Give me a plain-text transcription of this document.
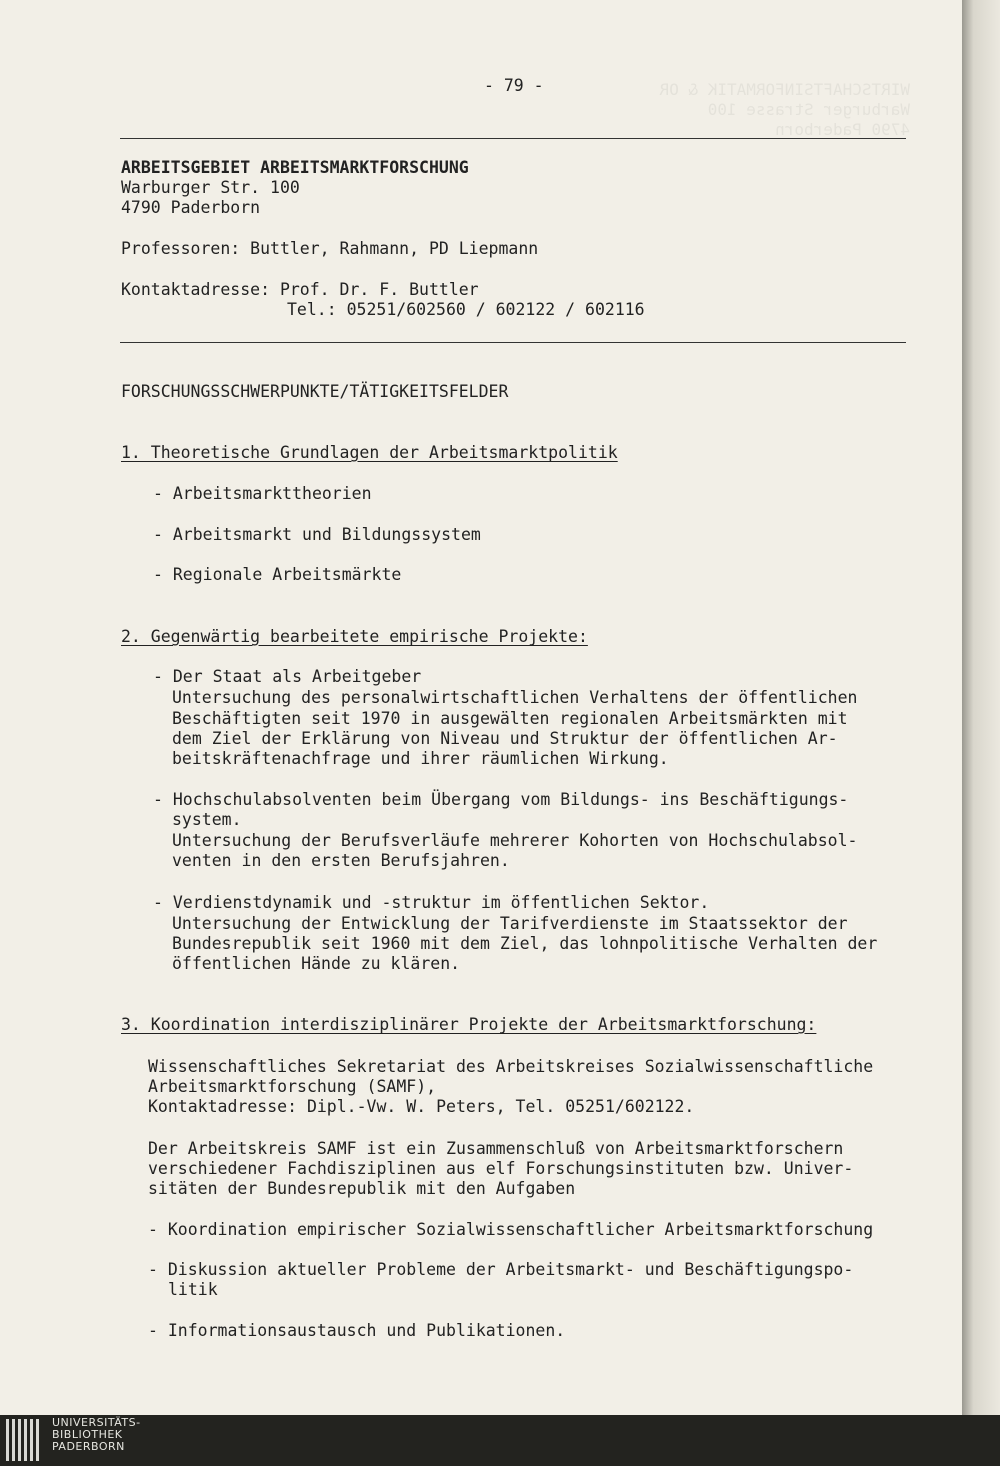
WIRTSCHAFTSINFORMATIK & OR
Warburger Strasse 100
4790 Paderborn

- 79 -
ARBEITSGEBIET ARBEITSMARKTFORSCHUNG
Warburger Str. 100
4790 Paderborn
Professoren: Buttler, Rahmann, PD Liepmann
Kontaktadresse: Prof. Dr. F. Buttler
Tel.: 05251/602560 / 602122 / 602116
FORSCHUNGSSCHWERPUNKTE/TÄTIGKEITSFELDER
1. Theoretische Grundlagen der Arbeitsmarktpolitik
- Arbeitsmarkttheorien
- Arbeitsmarkt und Bildungssystem
- Regionale Arbeitsmärkte
2. Gegenwärtig bearbeitete empirische Projekte:
- Der Staat als Arbeitgeber
Untersuchung des personalwirtschaftlichen Verhaltens der öffentlichen
Beschäftigten seit 1970 in ausgewälten regionalen Arbeitsmärkten mit
dem Ziel der Erklärung von Niveau und Struktur der öffentlichen Ar-
beitskräftenachfrage und ihrer räumlichen Wirkung.
- Hochschulabsolventen beim Übergang vom Bildungs- ins Beschäftigungs-
system.
Untersuchung der Berufsverläufe mehrerer Kohorten von Hochschulabsol-
venten in den ersten Berufsjahren.
- Verdienstdynamik und -struktur im öffentlichen Sektor.
Untersuchung der Entwicklung der Tarifverdienste im Staatssektor der
Bundesrepublik seit 1960 mit dem Ziel, das lohnpolitische Verhalten der
öffentlichen Hände zu klären.
3. Koordination interdisziplinärer Projekte der Arbeitsmarktforschung:
Wissenschaftliches Sekretariat des Arbeitskreises Sozialwissenschaftliche
Arbeitsmarktforschung (SAMF),
Kontaktadresse: Dipl.-Vw. W. Peters, Tel. 05251/602122.
Der Arbeitskreis SAMF ist ein Zusammenschluß von Arbeitsmarktforschern
verschiedener Fachdisziplinen aus elf Forschungsinstituten bzw. Univer-
sitäten der Bundesrepublik mit den Aufgaben
- Koordination empirischer Sozialwissenschaftlicher Arbeitsmarktforschung
- Diskussion aktueller Probleme der Arbeitsmarkt- und Beschäftigungspo-
litik
- Informationsaustausch und Publikationen.
UNIVERSITÄTS-
BIBLIOTHEK
PADERBORN
